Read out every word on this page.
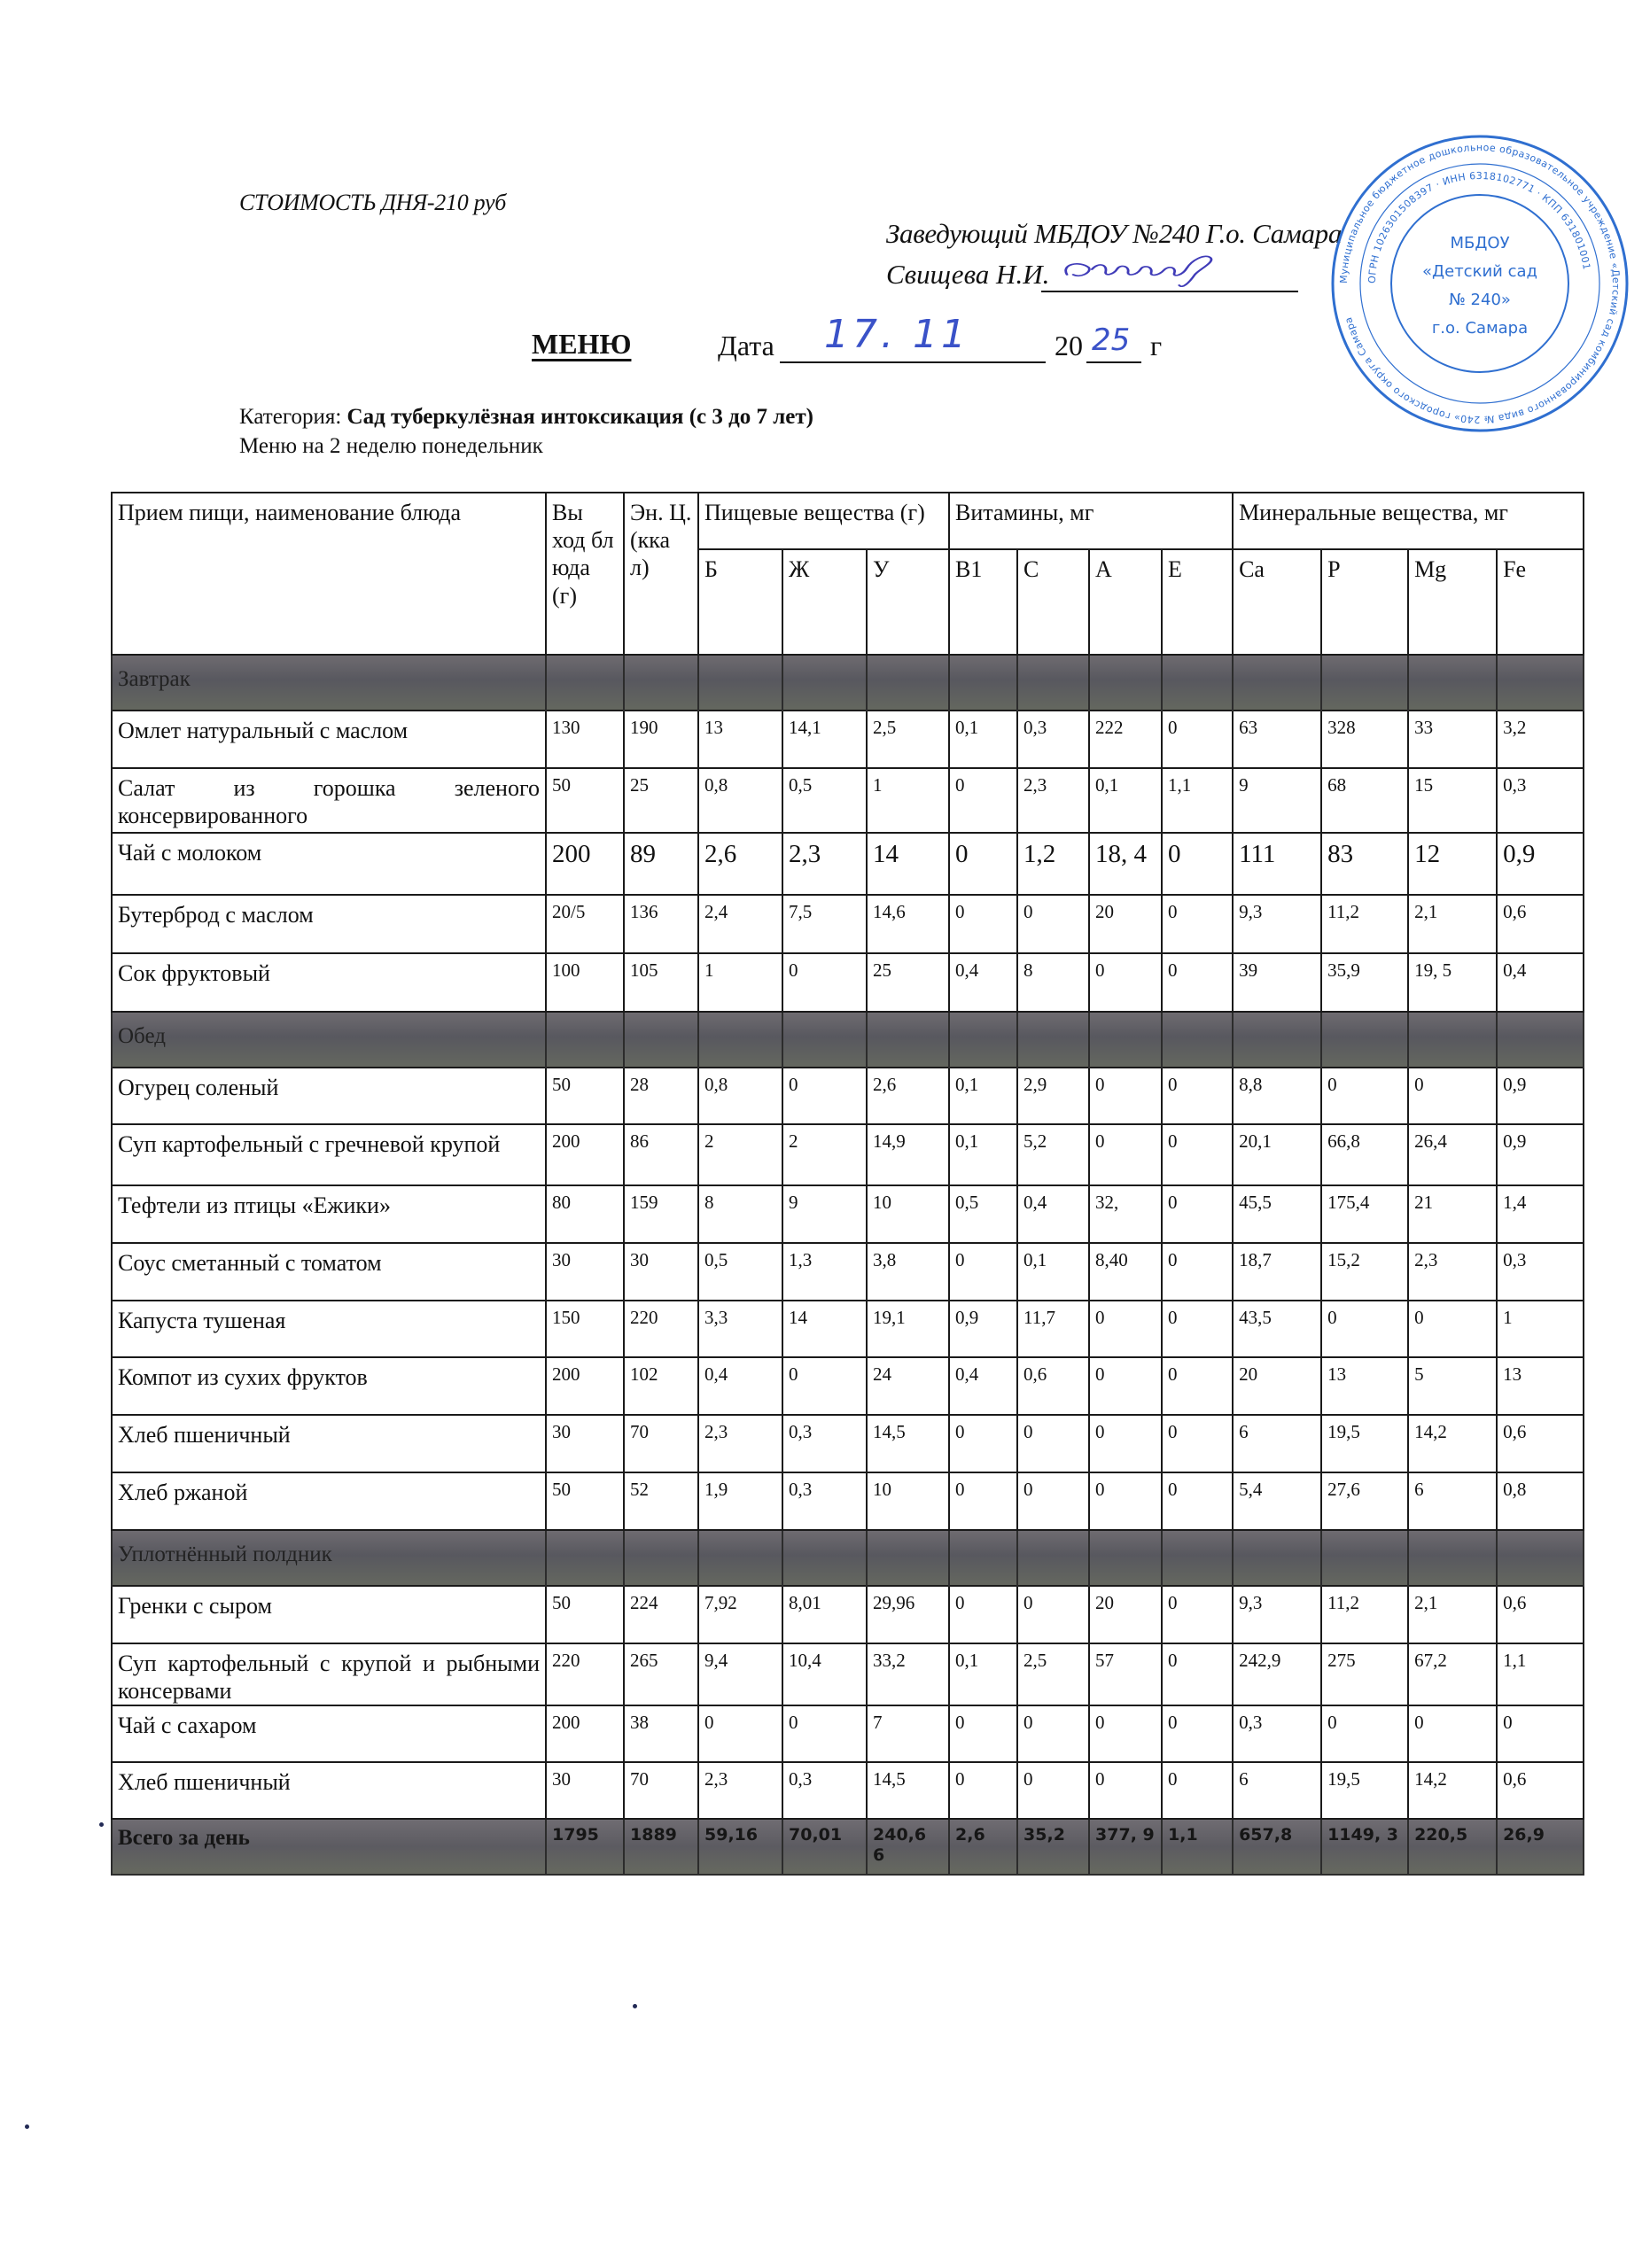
СТОИМОСТЬ ДНЯ-210 руб
Заведующий МБДОУ №240 Г.о. Самара
Свищева Н.И.	Муниципальное бюджетное дошкольное образовательное учреждение «Детский сад комбинированного вида № 240» городского округа Самара
ОГРН 1026301508397 · ИНН 6318102771 · КПП 631801001
МБДОУ
«Детский сад
№ 240»
г.о. Самара
МЕНЮ	Дата 17. 11	20 25 г
Категория: Сад туберкулёзная интоксикация (с 3 до 7 лет)
Меню на 2 неделю понедельник
Прием пищи, наименование блюда	Вы ход бл юда (г)	Эн. Ц. (кка л)	Пищевые вещества (г)			Витамины, мг				Минеральные вещества, мг			
			Б	Ж	У	B1	C	A	E	Ca	P	Mg	Fe
Завтрак													
Омлет натуральный с маслом	130	190	13	14,1	2,5	0,1	0,3	222	0	63	328	33	3,2
Салат из горошка зеленого консервированного	50	25	0,8	0,5	1	0	2,3	0,1	1,1	9	68	15	0,3
Чай с молоком	200	89	2,6	2,3	14	0	1,2	18, 4	0	111	83	12	0,9
Бутерброд с маслом	20/5	136	2,4	7,5	14,6	0	0	20	0	9,3	11,2	2,1	0,6
Сок фруктовый	100	105	1	0	25	0,4	8	0	0	39	35,9	19, 5	0,4
Обед													
Огурец соленый	50	28	0,8	0	2,6	0,1	2,9	0	0	8,8	0	0	0,9
Суп картофельный с гречневой крупой	200	86	2	2	14,9	0,1	5,2	0	0	20,1	66,8	26,4	0,9
Тефтели из птицы «Ежики»	80	159	8	9	10	0,5	0,4	32,	0	45,5	175,4	21	1,4
Соус сметанный с томатом	30	30	0,5	1,3	3,8	0	0,1	8,40	0	18,7	15,2	2,3	0,3
Капуста тушеная	150	220	3,3	14	19,1	0,9	11,7	0	0	43,5	0	0	1
Компот из сухих фруктов	200	102	0,4	0	24	0,4	0,6	0	0	20	13	5	13
Хлеб пшеничный	30	70	2,3	0,3	14,5	0	0	0	0	6	19,5	14,2	0,6
Хлеб ржаной	50	52	1,9	0,3	10	0	0	0	0	5,4	27,6	6	0,8
Уплотнённый полдник													
Гренки с сыром	50	224	7,92	8,01	29,96	0	0	20	0	9,3	11,2	2,1	0,6
Суп картофельный с крупой и рыбными консервами	220	265	9,4	10,4	33,2	0,1	2,5	57	0	242,9	275	67,2	1,1
Чай с сахаром	200	38	0	0	7	0	0	0	0	0,3	0	0	0
Хлеб пшеничный	30	70	2,3	0,3	14,5	0	0	0	0	6	19,5	14,2	0,6
Всего за день	1795	1889	59,16	70,01	240,6 6	2,6	35,2	377, 9	1,1	657,8	1149, 3	220,5	26,9
